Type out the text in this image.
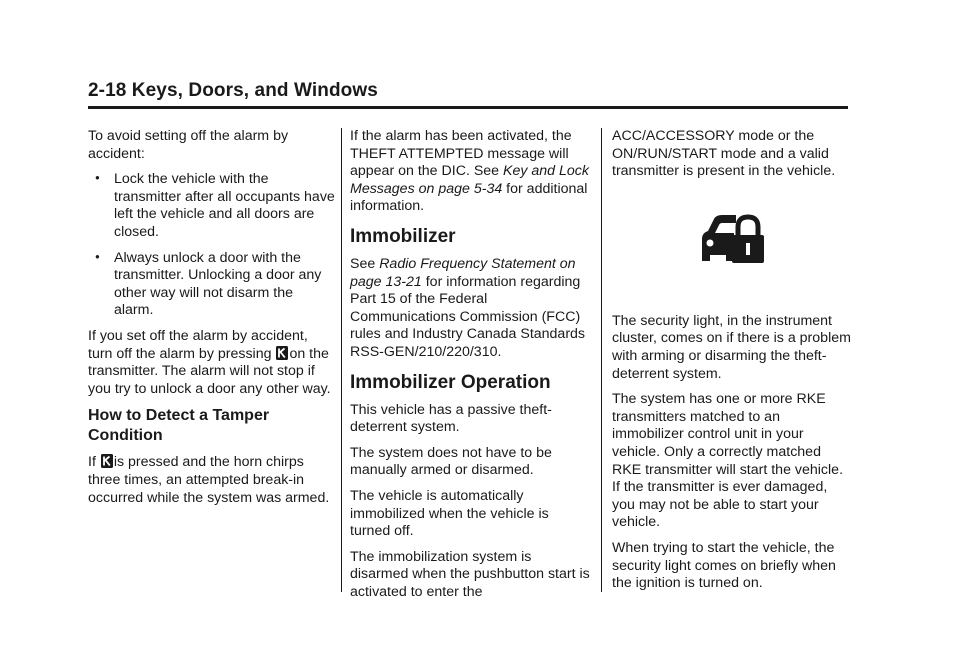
2-18 Keys, Doors, and Windows

To avoid setting off the alarm by accident:

● Lock the vehicle with the transmitter after all occupants have left the vehicle and all doors are closed.
● Always unlock a door with the transmitter. Unlocking a door any other way will not disarm the alarm.

If you set off the alarm by accident, turn off the alarm by pressing on the transmitter. The alarm will not stop if you try to unlock a door any other way.

How to Detect a Tamper Condition

If is pressed and the horn chirps three times, an attempted break-in occurred while the system was armed.

If the alarm has been activated, the THEFT ATTEMPTED message will appear on the DIC. See Key and Lock Messages on page 5-34 for additional information.

Immobilizer

See Radio Frequency Statement on page 13-21 for information regarding Part 15 of the Federal Communications Commission (FCC) rules and Industry Canada Standards RSS-GEN/210/220/310.

Immobilizer Operation

This vehicle has a passive theft-deterrent system.

The system does not have to be manually armed or disarmed.

The vehicle is automatically immobilized when the vehicle is turned off.

The immobilization system is disarmed when the pushbutton start is activated to enter the

ACC/ACCESSORY mode or the ON/RUN/START mode and a valid transmitter is present in the vehicle.

The security light, in the instrument cluster, comes on if there is a problem with arming or disarming the theft-deterrent system.

The system has one or more RKE transmitters matched to an immobilizer control unit in your vehicle. Only a correctly matched RKE transmitter will start the vehicle. If the transmitter is ever damaged, you may not be able to start your vehicle.

When trying to start the vehicle, the security light comes on briefly when the ignition is turned on.
